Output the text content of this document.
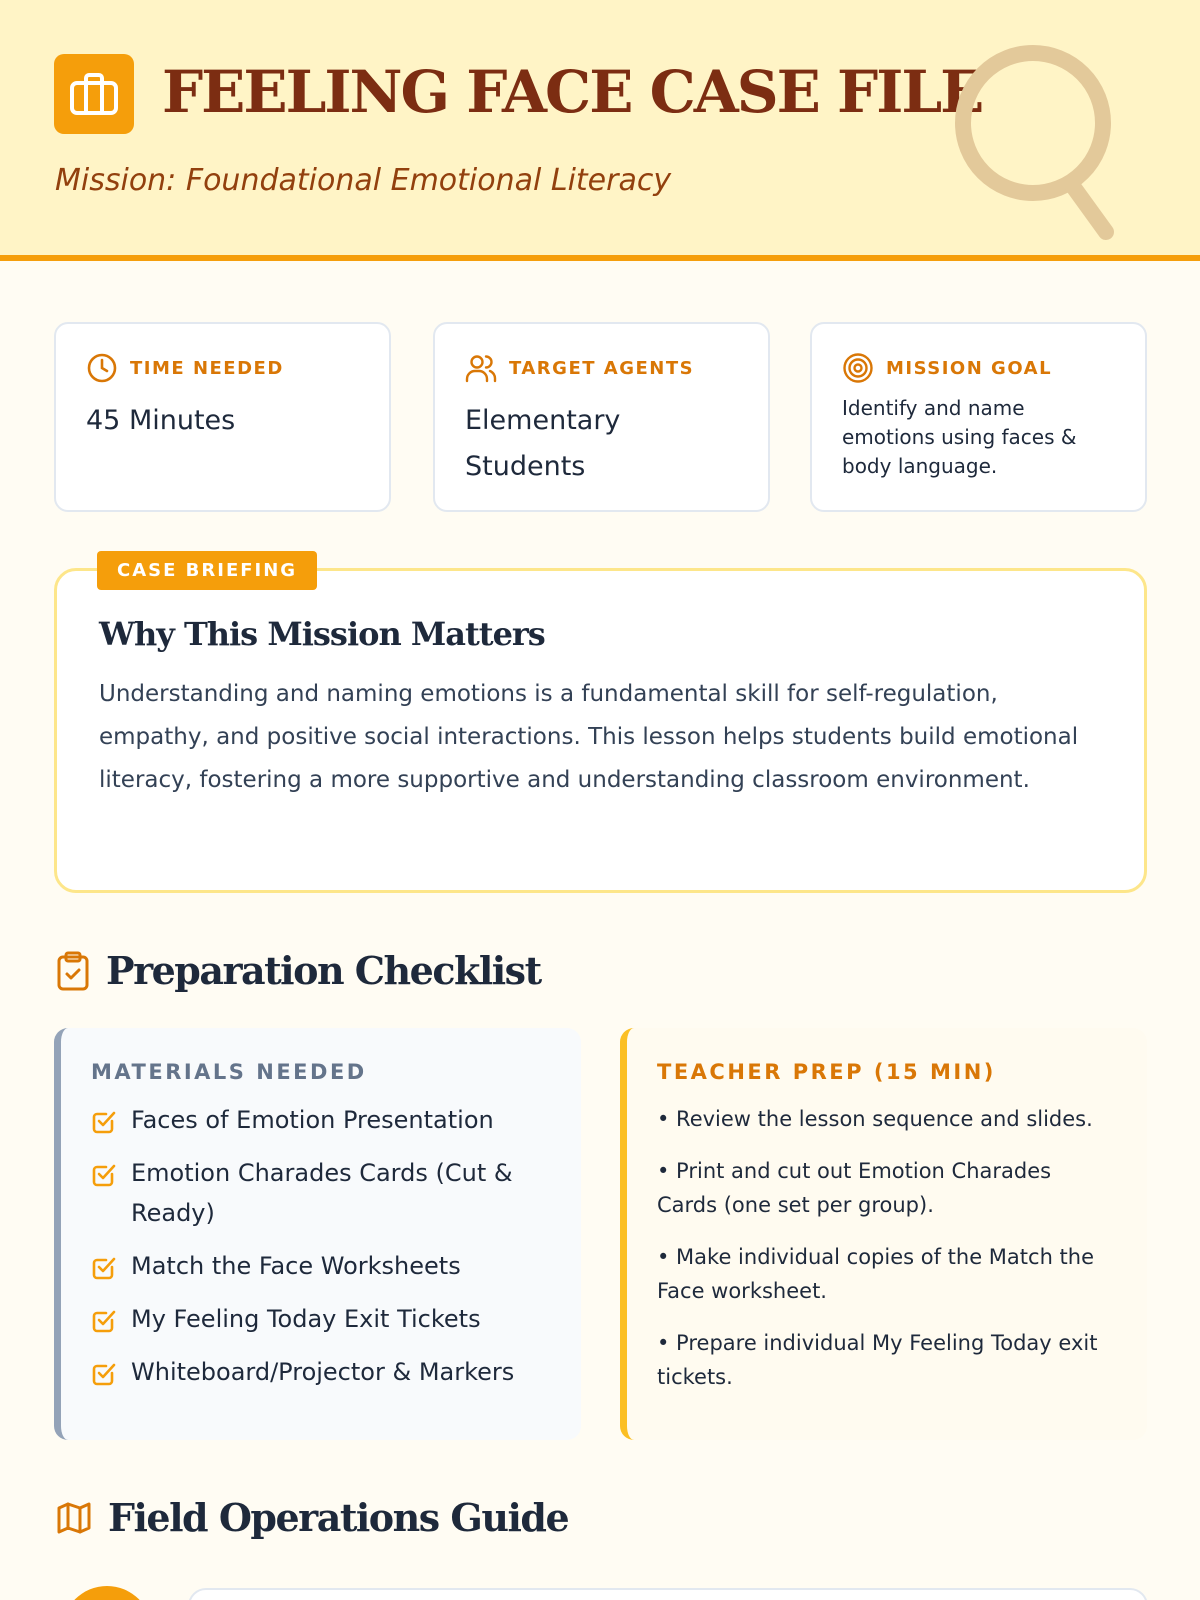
FEELING FACE CASE FILE
Mission: Foundational Emotional Literacy
TIME NEEDED
45 Minutes
TARGET AGENTS
Elementary Students
MISSION GOAL
Identify and name emotions using faces & body language.
CASE BRIEFING
Why This Mission Matters

Understanding and naming emotions is a fundamental skill for self-regulation, empathy, and positive social interactions. This lesson helps students build emotional literacy, fostering a more supportive and understanding classroom environment.

Preparation Checklist
MATERIALS NEEDED
Faces of Emotion Presentation
Emotion Charades Cards (Cut & Ready)
Match the Face Worksheets
My Feeling Today Exit Tickets
Whiteboard/Projector & Markers
TEACHER PREP (15 MIN)
• Review the lesson sequence and slides.
• Print and cut out Emotion Charades Cards (one set per group).
• Make individual copies of the Match the Face worksheet.
• Prepare individual My Feeling Today exit tickets.
Field Operations Guide
